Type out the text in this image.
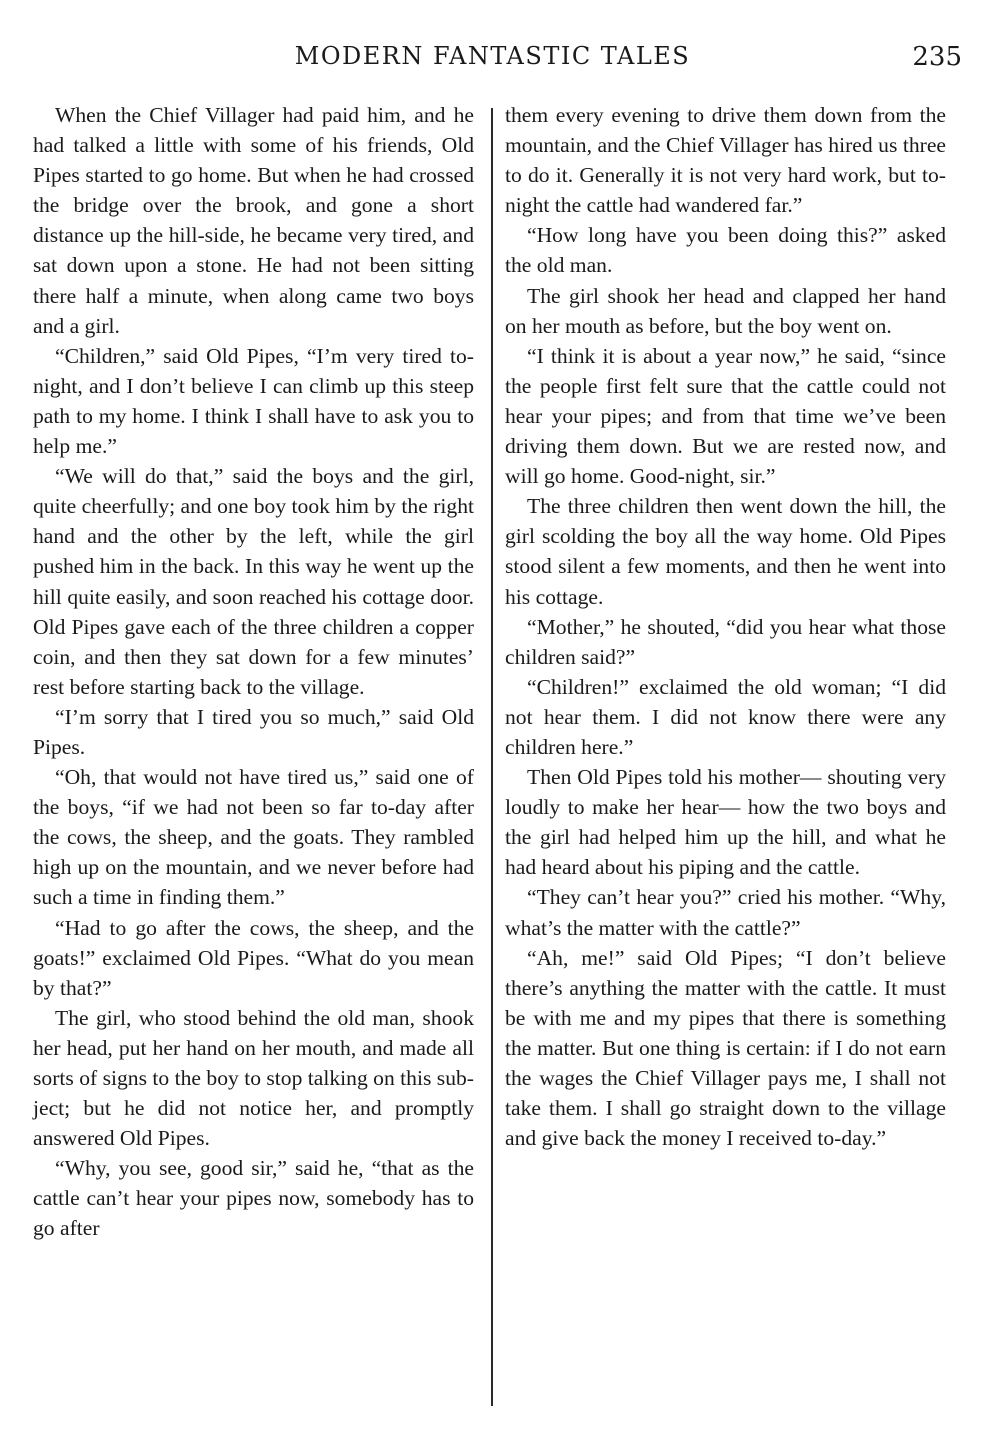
MODERN FANTASTIC TALES	235

When the Chief Villager had paid him, and he had talked a little with some of his friends, Old Pipes started to go home. But when he had crossed the bridge over the brook, and gone a short distance up the hill-side, he became very tired, and sat down upon a stone. He had not been sitting there half a minute, when along came two boys and a girl.

“Children,” said Old Pipes, “I’m very tired to-night, and I don’t believe I can climb up this steep path to my home. I think I shall have to ask you to help me.”

“We will do that,” said the boys and the girl, quite cheerfully; and one boy took him by the right hand and the other by the left, while the girl pushed him in the back. In this way he went up the hill quite easily, and soon reached his cottage door. Old Pipes gave each of the three children a copper coin, and then they sat down for a few minutes’ rest before starting back to the village.

“I’m sorry that I tired you so much,” said Old Pipes.

“Oh, that would not have tired us,” said one of the boys, “if we had not been so far to-day after the cows, the sheep, and the goats. They rambled high up on the mountain, and we never before had such a time in finding them.”

“Had to go after the cows, the sheep, and the goats!” exclaimed Old Pipes. “What do you mean by that?”

The girl, who stood behind the old man, shook her head, put her hand on her mouth, and made all sorts of signs to the boy to stop talking on this subject; but he did not notice her, and promptly answered Old Pipes.

“Why, you see, good sir,” said he, “that as the cattle can’t hear your pipes now, somebody has to go after

them every evening to drive them down from the mountain, and the Chief Villager has hired us three to do it. Generally it is not very hard work, but to-night the cattle had wandered far.”

“How long have you been doing this?” asked the old man.

The girl shook her head and clapped her hand on her mouth as before, but the boy went on.

“I think it is about a year now,” he said, “since the people first felt sure that the cattle could not hear your pipes; and from that time we’ve been driving them down. But we are rested now, and will go home. Good-night, sir.”

The three children then went down the hill, the girl scolding the boy all the way home. Old Pipes stood silent a few moments, and then he went into his cottage.

“Mother,” he shouted, “did you hear what those children said?”

“Children!” exclaimed the old woman; “I did not hear them. I did not know there were any children here.”

Then Old Pipes told his mother— shouting very loudly to make her hear— how the two boys and the girl had helped him up the hill, and what he had heard about his piping and the cattle.

“They can’t hear you?” cried his mother. “Why, what’s the matter with the cattle?”

“Ah, me!” said Old Pipes; “I don’t believe there’s anything the matter with the cattle. It must be with me and my pipes that there is something the matter. But one thing is certain: if I do not earn the wages the Chief Villager pays me, I shall not take them. I shall go straight down to the village and give back the money I received to-day.”
